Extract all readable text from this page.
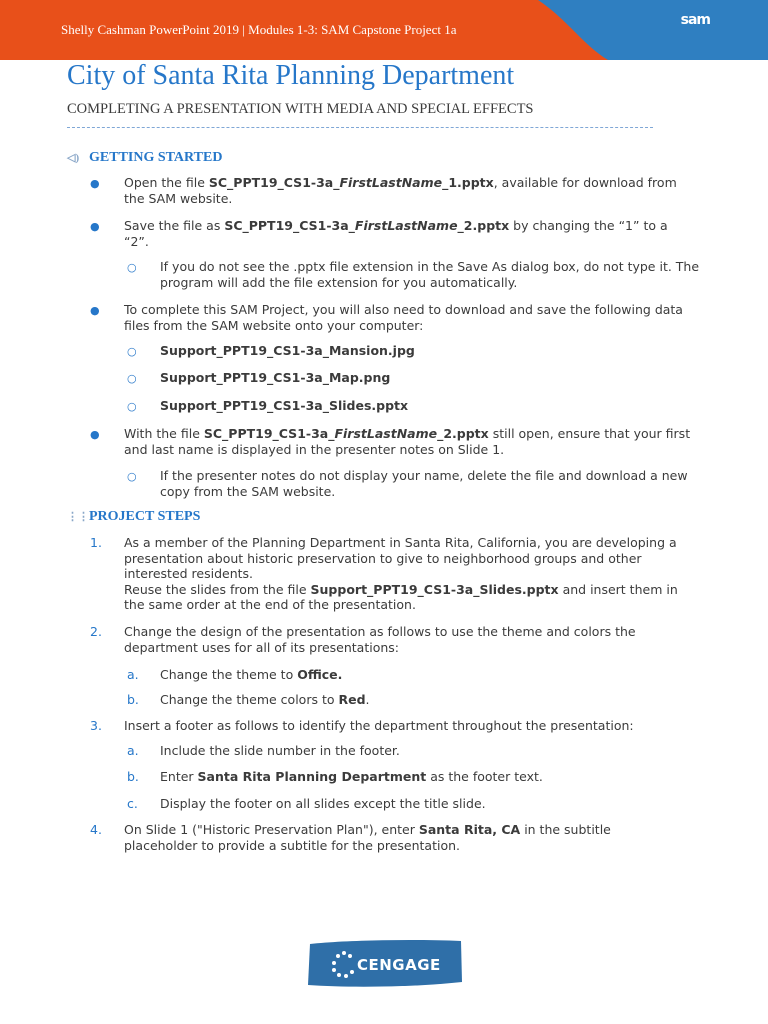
Shelly Cashman PowerPoint 2019 | Modules 1-3: SAM Capstone Project 1a
$^{sam}$
City of Santa Rita Planning Department
COMPLETING A PRESENTATION WITH MEDIA AND SPECIAL EFFECTS
◁) GETTING STARTED
● Open the file SC_PPT19_CS1-3a_FirstLastName_1.pptx, available for download from the SAM website.
● Save the file as SC_PPT19_CS1-3a_FirstLastName_2.pptx by changing the “1” to a “2”.
○ If you do not see the .pptx file extension in the Save As dialog box, do not type it. The program will add the file extension for you automatically.
● To complete this SAM Project, you will also need to download and save the following data files from the SAM website onto your computer:
○ Support_PPT19_CS1-3a_Mansion.jpg
○ Support_PPT19_CS1-3a_Map.png
○ Support_PPT19_CS1-3a_Slides.pptx
● With the file SC_PPT19_CS1-3a_FirstLastName_2.pptx still open, ensure that your first and last name is displayed in the presenter notes on Slide 1.
○ If the presenter notes do not display your name, delete the file and download a new copy from the SAM website.
⋮⋮PROJECT STEPS
1. As a member of the Planning Department in Santa Rita, California, you are developing a presentation about historic preservation to give to neighborhood groups and other interested residents.
Reuse the slides from the file Support_PPT19_CS1-3a_Slides.pptx and insert them in the same order at the end of the presentation.
2. Change the design of the presentation as follows to use the theme and colors the department uses for all of its presentations:
a. Change the theme to Office.
b. Change the theme colors to Red.
3. Insert a footer as follows to identify the department throughout the presentation:
a. Include the slide number in the footer.
b. Enter Santa Rita Planning Department as the footer text.
c. Display the footer on all slides except the title slide.
4. On Slide 1 ("Historic Preservation Plan"), enter Santa Rita, CA in the subtitle placeholder to provide a subtitle for the presentation.
CENGAGE
